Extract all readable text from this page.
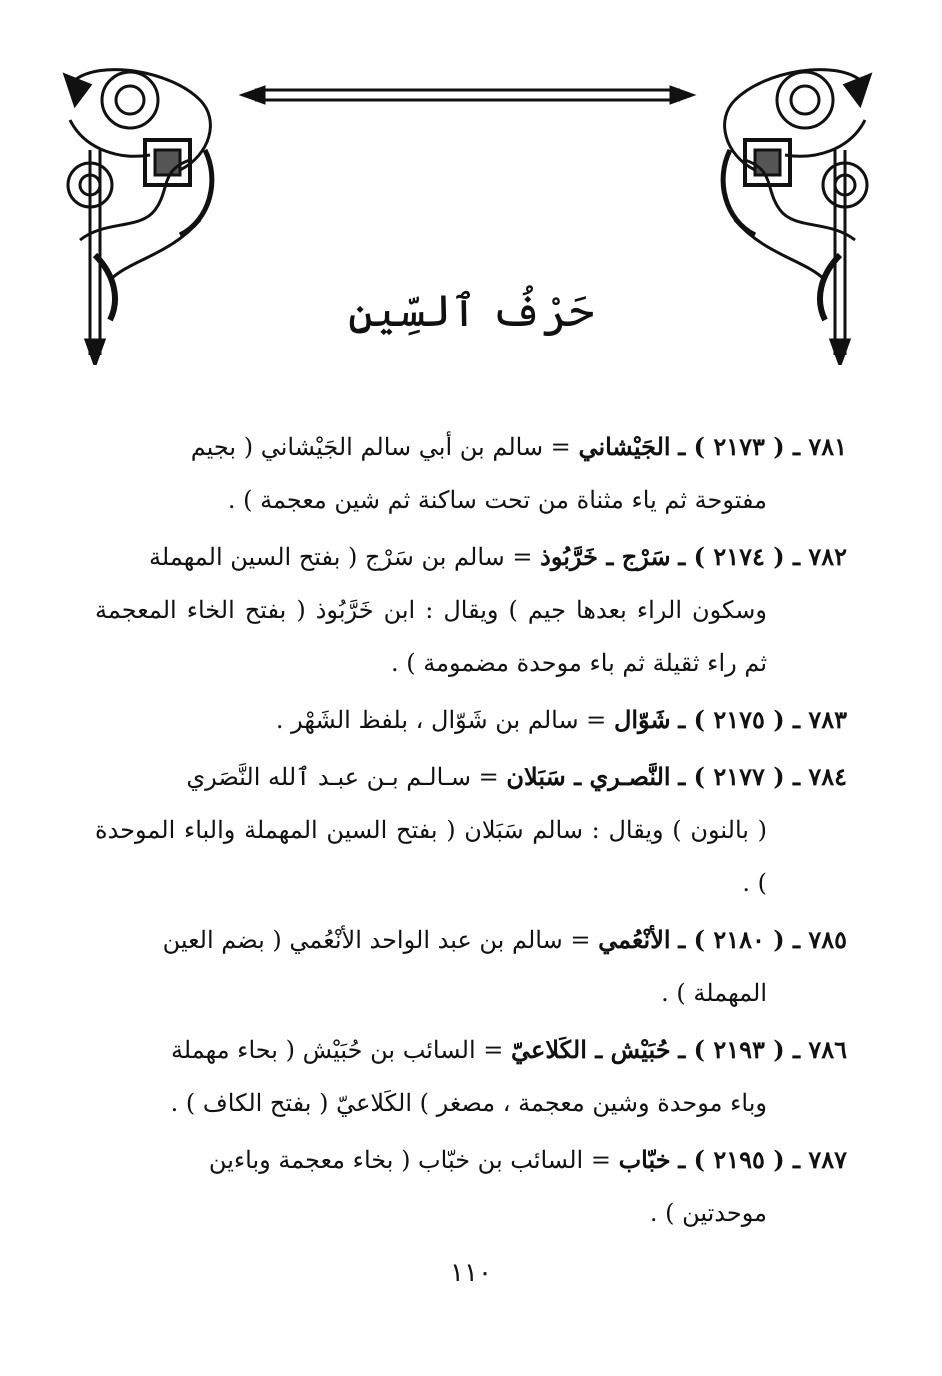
حَرْفُ ٱلسِّينِ
٧٨١ ـ ( ٢١٧٣ ) ـ الجَيْشاني = سالم بن أبي سالم الجَيْشاني ( بجيم
مفتوحة ثم ياء مثناة من تحت ساكنة ثم شين معجمة ) .
٧٨٢ ـ ( ٢١٧٤ ) ـ سَرْج ـ خَرَّبُوذ = سالم بن سَرْج ( بفتح السين المهملة
وسكون الراء بعدها جيم ) ويقال : ابن خَرَّبُوذ ( بفتح الخاء المعجمة ثم راء ثقيلة ثم باء موحدة مضمومة ) .
٧٨٣ ـ ( ٢١٧٥ ) ـ شَوّال = سالم بن شَوّال ، بلفظ الشَهْر .
٧٨٤ ـ ( ٢١٧٧ ) ـ النَّصـري ـ سَبَلان = سـالـم بـن عبـد ٱلله النَّصَري
( بالنون ) ويقال : سالم سَبَلان ( بفتح السين المهملة والباء الموحدة ) .
٧٨٥ ـ ( ٢١٨٠ ) ـ الأنْعُمي = سالم بن عبد الواحد الأنْعُمي ( بضم العين
المهملة ) .
٧٨٦ ـ ( ٢١٩٣ ) ـ حُبَيْش ـ الكَلاعيّ = السائب بن حُبَيْش ( بحاء مهملة
وباء موحدة وشين معجمة ، مصغر ) الكَلاعيّ ( بفتح الكاف ) .
٧٨٧ ـ ( ٢١٩٥ ) ـ خبّاب = السائب بن خبّاب ( بخاء معجمة وباءين
موحدتين ) .
١١٠
